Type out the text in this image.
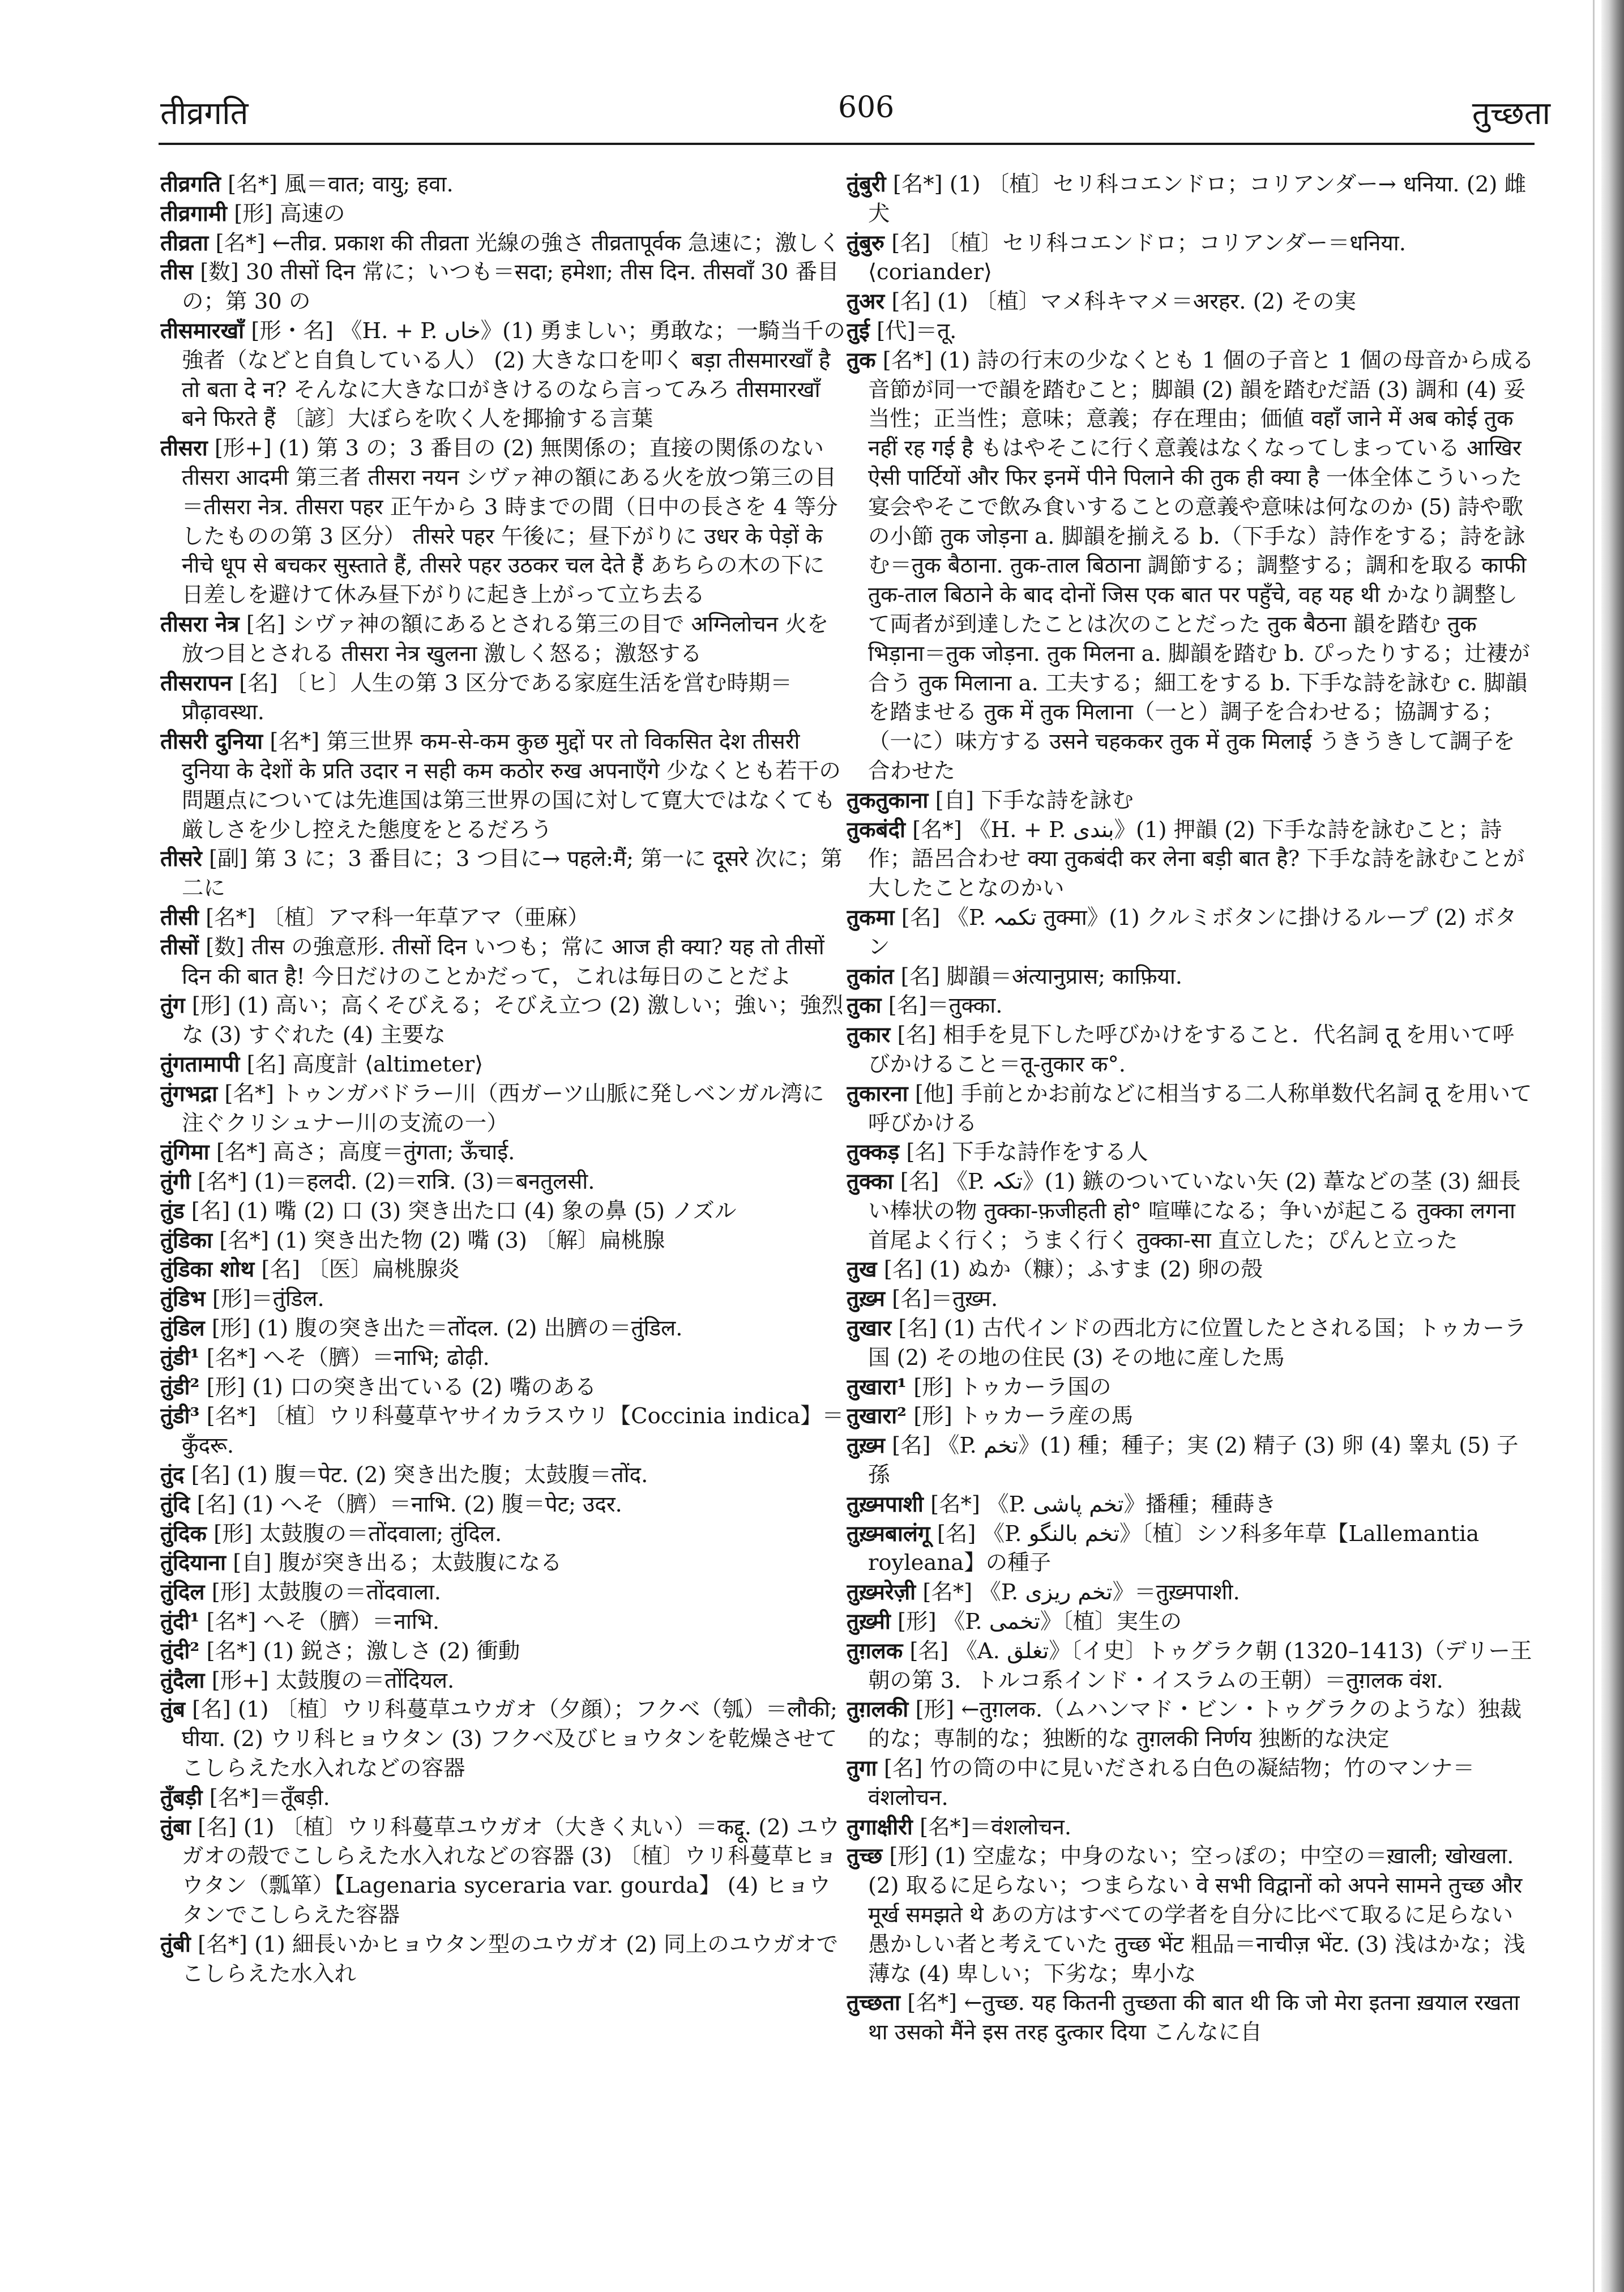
तीव्रगति	606	तुच्छता

तीव्रगति [名*] 風＝वात; वायु; हवा.

तीव्रगामी [形] 高速の

तीव्रता [名*] ←तीव्र. प्रकाश की तीव्रता 光線の強さ तीव्रतापूर्वक 急速に；激しく

तीस [数] 30 तीसों दिन 常に；いつも＝सदा; हमेशा; तीस दिन. तीसवाँ 30 番目の；第 30 の

तीसमारखाँ [形・名] 《H. + P. خاں》(1) 勇ましい；勇敢な；一騎当千の強者（などと自負している人） (2) 大きな口を叩く बड़ा तीसमारखाँ है तो बता दे न? そんなに大きな口がきけるのなら言ってみろ तीसमारखाँ बने फिरते हैं 〔諺〕大ぼらを吹く人を揶揄する言葉

तीसरा [形+] (1) 第 3 の；3 番目の (2) 無関係の；直接の関係のない तीसरा आदमी 第三者 तीसरा नयन シヴァ神の額にある火を放つ第三の目＝तीसरा नेत्र. तीसरा पहर 正午から 3 時までの間（日中の長さを 4 等分したものの第 3 区分） तीसरे पहर 午後に；昼下がりに उधर के पेड़ों के नीचे धूप से बचकर सुस्ताते हैं, तीसरे पहर उठकर चल देते हैं あちらの木の下に日差しを避けて休み昼下がりに起き上がって立ち去る

तीसरा नेत्र [名] シヴァ神の額にあるとされる第三の目で अग्निलोचन 火を放つ目とされる तीसरा नेत्र खुलना 激しく怒る；激怒する

तीसरापन [名] 〔ヒ〕人生の第 3 区分である家庭生活を営む時期＝प्रौढ़ावस्था.

तीसरी दुनिया [名*] 第三世界 कम-से-कम कुछ मुद्दों पर तो विकसित देश तीसरी दुनिया के देशों के प्रति उदार न सही कम कठोर रुख अपनाएँगे 少なくとも若干の問題点については先進国は第三世界の国に対して寛大ではなくても厳しさを少し控えた態度をとるだろう

तीसरे [副] 第 3 に；3 番目に；3 つ目に→ पहले:मैं; 第一に दूसरे 次に；第二に

तीसी [名*] 〔植〕アマ科一年草アマ（亜麻）

तीसों [数] तीस の強意形. तीसों दिन いつも；常に आज ही क्या? यह तो तीसों दिन की बात है! 今日だけのことかだって，これは毎日のことだよ

तुंग [形] (1) 高い；高くそびえる；そびえ立つ (2) 激しい；強い；強烈な (3) すぐれた (4) 主要な

तुंगतामापी [名] 高度計 ⟨altimeter⟩

तुंगभद्रा [名*] トゥンガバドラー川（西ガーツ山脈に発しベンガル湾に注ぐクリシュナー川の支流の一）

तुंगिमा [名*] 高さ；高度＝तुंगता; ऊँचाई.

तुंगी [名*] (1)＝हलदी. (2)＝रात्रि. (3)＝बनतुलसी.

तुंड [名] (1) 嘴 (2) 口 (3) 突き出た口 (4) 象の鼻 (5) ノズル

तुंडिका [名*] (1) 突き出た物 (2) 嘴 (3) 〔解〕扁桃腺

तुंडिका शोथ [名] 〔医〕扁桃腺炎

तुंडिभ [形]＝तुंडिल.

तुंडिल [形] (1) 腹の突き出た＝तोंदल. (2) 出臍の＝तुंडिल.

तुंडी¹ [名*] へそ（臍）＝नाभि; ढोढ़ी.

तुंडी² [形] (1) 口の突き出ている (2) 嘴のある

तुंडी³ [名*] 〔植〕ウリ科蔓草ヤサイカラスウリ【Coccinia indica】＝कुँदरू.

तुंद [名] (1) 腹＝पेट. (2) 突き出た腹；太鼓腹＝तोंद.

तुंदि [名] (1) へそ（臍）＝नाभि. (2) 腹＝पेट; उदर.

तुंदिक [形] 太鼓腹の＝तोंदवाला; तुंदिल.

तुंदियाना [自] 腹が突き出る；太鼓腹になる

तुंदिल [形] 太鼓腹の＝तोंदवाला.

तुंदी¹ [名*] へそ（臍）＝नाभि.

तुंदी² [名*] (1) 鋭さ；激しさ (2) 衝動

तुंदैला [形+] 太鼓腹の＝तोंदियल.

तुंब [名] (1) 〔植〕ウリ科蔓草ユウガオ（夕顔）；フクベ（瓠）＝लौकी; घीया. (2) ウリ科ヒョウタン (3) フクベ及びヒョウタンを乾燥させてこしらえた水入れなどの容器

तुँबड़ी [名*]＝तूँबड़ी.

तुंबा [名] (1) 〔植〕ウリ科蔓草ユウガオ（大きく丸い）＝कद्दू. (2) ユウガオの殻でこしらえた水入れなどの容器 (3) 〔植〕ウリ科蔓草ヒョウタン（瓢箪）【Lagenaria syceraria var. gourda】 (4) ヒョウタンでこしらえた容器

तुंबी [名*] (1) 細長いかヒョウタン型のユウガオ (2) 同上のユウガオでこしらえた水入れ

तुंबुरी [名*] (1) 〔植〕セリ科コエンドロ；コリアンダー→ धनिया. (2) 雌犬

तुंबुरु [名] 〔植〕セリ科コエンドロ；コリアンダー＝धनिया. ⟨coriander⟩

तुअर [名] (1) 〔植〕マメ科キマメ＝अरहर. (2) その実

तुई [代]＝तू.

तुक [名*] (1) 詩の行末の少なくとも 1 個の子音と 1 個の母音から成る音節が同一で韻を踏むこと；脚韻 (2) 韻を踏むだ語 (3) 調和 (4) 妥当性；正当性；意味；意義；存在理由；価値 वहाँ जाने में अब कोई तुक नहीं रह गई है もはやそこに行く意義はなくなってしまっている आखिर ऐसी पार्टियों और फिर इनमें पीने पिलाने की तुक ही क्या है 一体全体こういった宴会やそこで飲み食いすることの意義や意味は何なのか (5) 詩や歌の小節 तुक जोड़ना a. 脚韻を揃える b.（下手な）詩作をする；詩を詠む＝तुक बैठाना. तुक-ताल बिठाना 調節する；調整する；調和を取る काफी तुक-ताल बिठाने के बाद दोनों जिस एक बात पर पहुँचे, वह यह थी かなり調整して両者が到達したことは次のことだった तुक बैठना 韻を踏む तुक भिड़ाना＝तुक जोड़ना. तुक मिलना a. 脚韻を踏む b. ぴったりする；辻褄が合う तुक मिलाना a. 工夫する；細工をする b. 下手な詩を詠む c. 脚韻を踏ませる तुक में तुक मिलाना（一と）調子を合わせる；協調する；（一に）味方する उसने चहककर तुक में तुक मिलाई うきうきして調子を合わせた

तुकतुकाना [自] 下手な詩を詠む

तुकबंदी [名*] 《H. + P. بندی》(1) 押韻 (2) 下手な詩を詠むこと；詩作；語呂合わせ क्या तुकबंदी कर लेना बड़ी बात है? 下手な詩を詠むことが大したことなのかい

तुकमा [名] 《P. تکمہ तुक्मा》(1) クルミボタンに掛けるループ (2) ボタン

तुकांत [名] 脚韻＝अंत्यानुप्रास; काफ़िया.

तुका [名]＝तुक्का.

तुकार [名] 相手を見下した呼びかけをすること．代名詞 तू を用いて呼びかけること＝तू-तुकार क°.

तुकारना [他] 手前とかお前などに相当する二人称単数代名詞 तू を用いて呼びかける

तुक्कड़ [名] 下手な詩作をする人

तुक्का [名] 《P. تکہ》(1) 鏃のついていない矢 (2) 葦などの茎 (3) 細長い棒状の物 तुक्का-फ़जीहती हो° 喧嘩になる；争いが起こる तुक्का लगना 首尾よく行く；うまく行く तुक्का-सा 直立した；ぴんと立った

तुख [名] (1) ぬか（糠）；ふすま (2) 卵の殻

तुख़्म [名]＝तुख़्म.

तुखार [名] (1) 古代インドの西北方に位置したとされる国；トゥカーラ国 (2) その地の住民 (3) その地に産した馬

तुखारा¹ [形] トゥカーラ国の

तुखारा² [形] トゥカーラ産の馬

तुख़्म [名] 《P. تخم》(1) 種；種子；実 (2) 精子 (3) 卵 (4) 睾丸 (5) 子孫

तुख़्मपाशी [名*] 《P. تخم پاشی》播種；種蒔き

तुख़्मबालंगू [名] 《P. تخم بالنگو》〔植〕シソ科多年草【Lallemantia royleana】の種子

तुख़्मरेज़ी [名*] 《P. تخم ریزی》＝तुख़्मपाशी.

तुख़्मी [形] 《P. تخمی》〔植〕実生の

तुग़लक [名] 《A. تغلق》〔イ史〕トゥグラク朝 (1320–1413)（デリー王朝の第 3．トルコ系インド・イスラムの王朝）＝तुग़लक वंश.

तुग़लकी [形] ←तुग़लक.（ムハンマド・ビン・トゥグラクのような）独裁的な；専制的な；独断的な तुग़लकी निर्णय 独断的な決定

तुगा [名] 竹の筒の中に見いだされる白色の凝結物；竹のマンナ＝वंशलोचन.

तुगाक्षीरी [名*]＝वंशलोचन.

तुच्छ [形] (1) 空虚な；中身のない；空っぽの；中空の＝ख़ाली; खोखला. (2) 取るに足らない；つまらない वे सभी विद्वानों को अपने सामने तुच्छ और मूर्ख समझते थे あの方はすべての学者を自分に比べて取るに足らない愚かしい者と考えていた तुच्छ भेंट 粗品＝नाचीज़ भेंट. (3) 浅はかな；浅薄な (4) 卑しい；下劣な；卑小な

तुच्छता [名*] ←तुच्छ. यह कितनी तुच्छता की बात थी कि जो मेरा इतना ख़याल रखता था उसको मैंने इस तरह दुत्कार दिया こんなに自
